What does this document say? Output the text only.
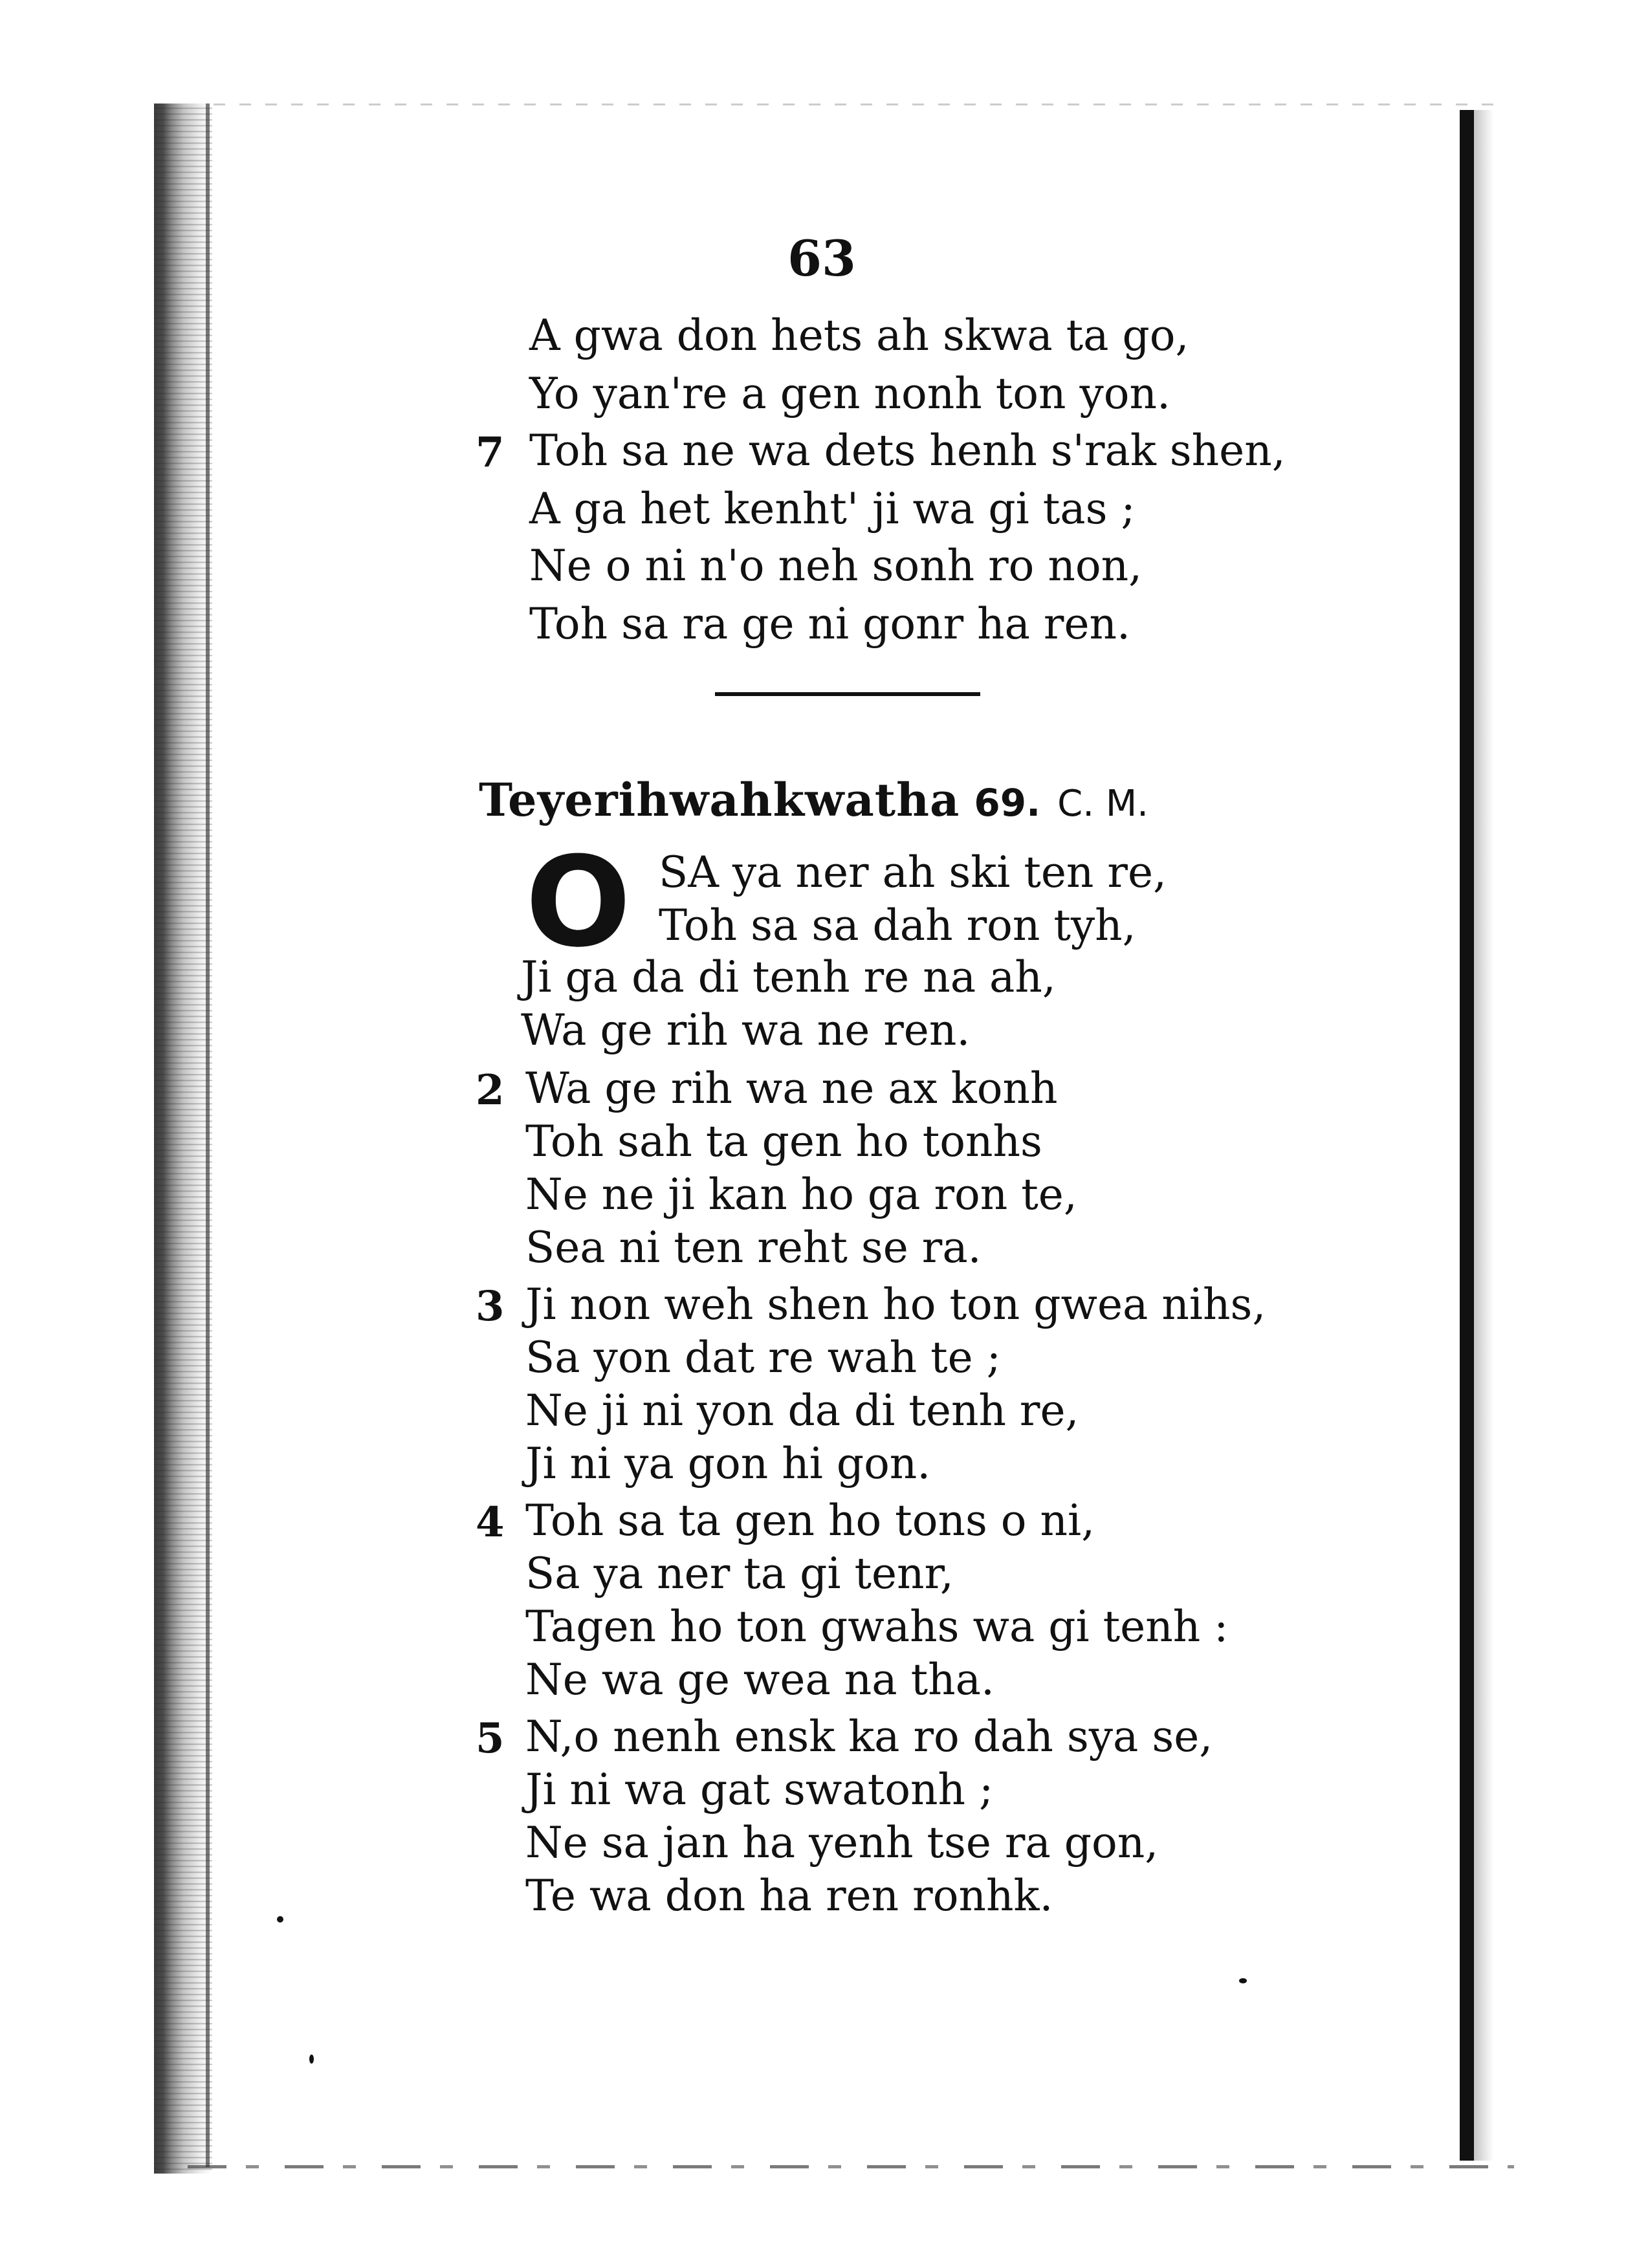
63
A gwa don hets ah skwa ta go,
Yo yan're a gen nonh ton yon.
7 Toh sa ne wa dets henh s'rak shen,
A ga het kenht' ji wa gi tas ;
Ne o ni n'o neh sonh ro non,
Toh sa ra ge ni gonr ha ren.
Teyerihwahkwatha 69. C. M.
O SA ya ner ah ski ten re,
Toh sa sa dah ron tyh,
Ji ga da di tenh re na ah,
Wa ge rih wa ne ren.
2 Wa ge rih wa ne ax konh
Toh sah ta gen ho tonhs
Ne ne ji kan ho ga ron te,
Sea ni ten reht se ra.
3 Ji non weh shen ho ton gwea nihs,
Sa yon dat re wah te ;
Ne ji ni yon da di tenh re,
Ji ni ya gon hi gon.
4 Toh sa ta gen ho tons o ni,
Sa ya ner ta gi tenr,
Tagen ho ton gwahs wa gi tenh :
Ne wa ge wea na tha.
5 N,o nenh ensk ka ro dah sya se,
Ji ni wa gat swatonh ;
Ne sa jan ha yenh tse ra gon,
Te wa don ha ren ronhk.
